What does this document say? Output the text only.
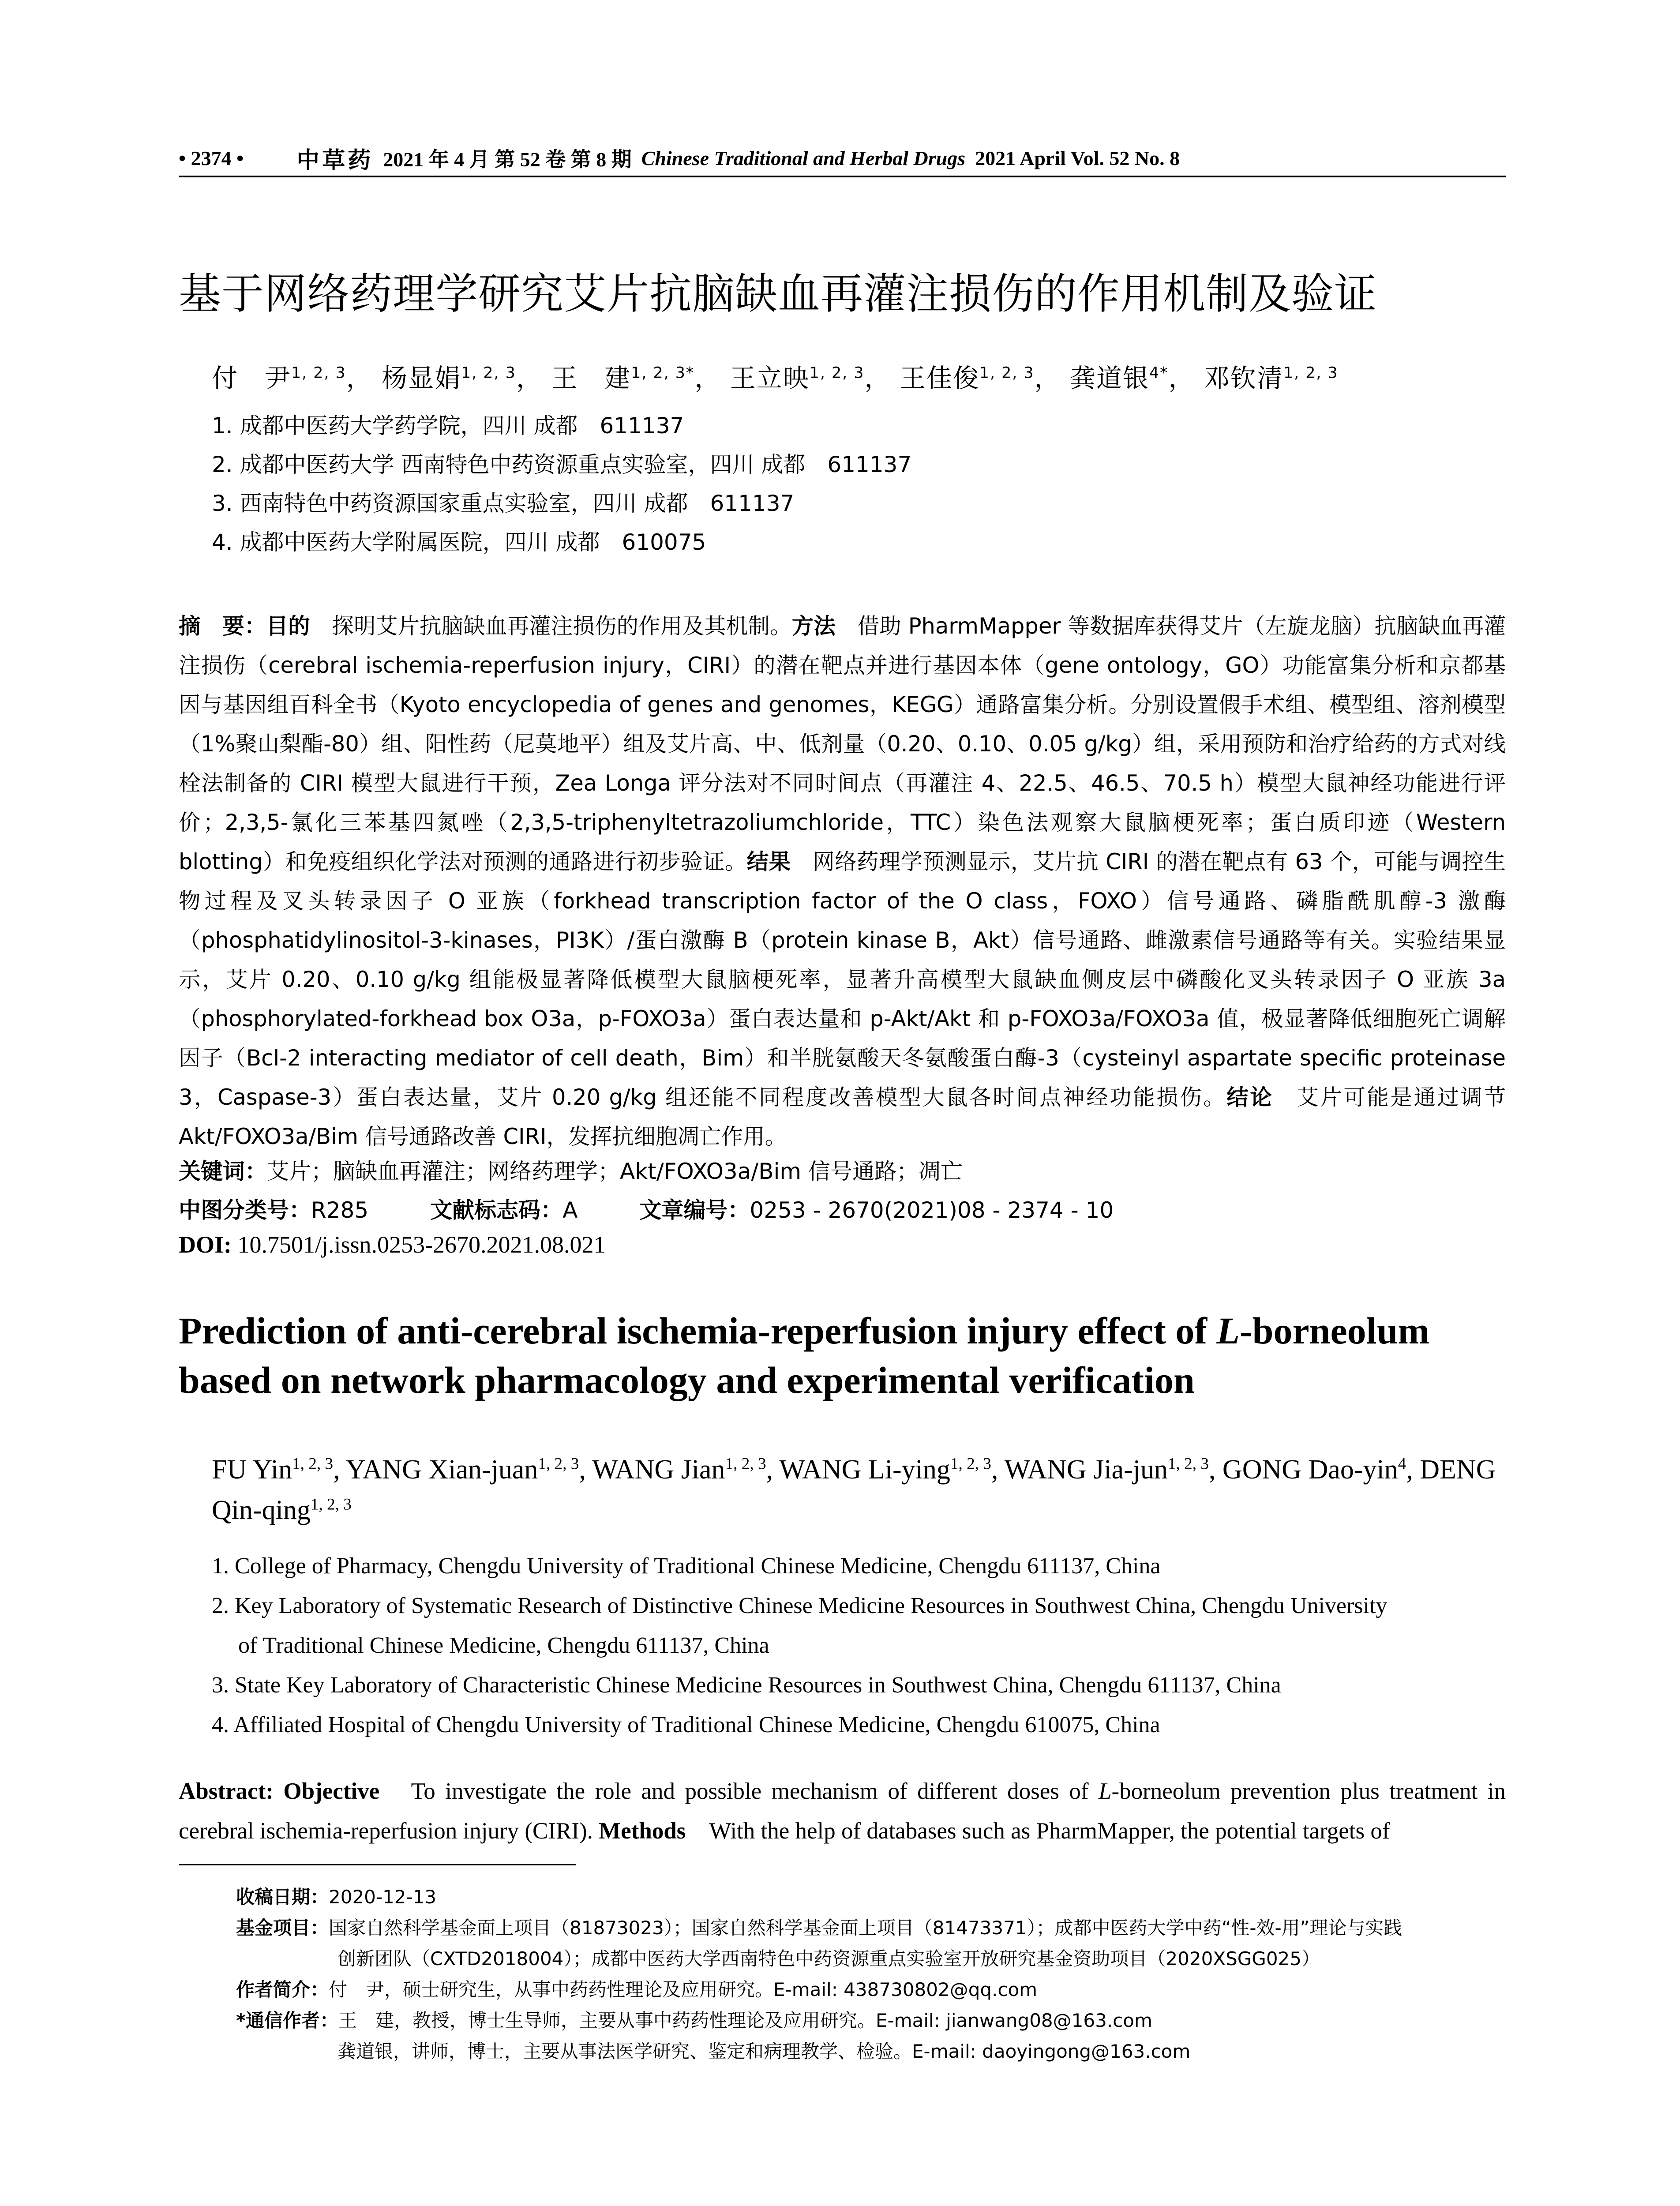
• 2374 • 中草药 2021 年 4 月 第 52 卷 第 8 期 Chinese Traditional and Herbal Drugs 2021 April Vol. 52 No. 8
基于网络药理学研究艾片抗脑缺血再灌注损伤的作用机制及验证
付　尹$^{1, 2, 3}$， 杨显娟$^{1, 2, 3}$， 王　建$^{1, 2, 3*}$， 王立映$^{1, 2, 3}$， 王佳俊$^{1, 2, 3}$， 龚道银$^{4*}$， 邓钦清$^{1, 2, 3}$
1. 成都中医药大学药学院，四川 成都　611137
2. 成都中医药大学 西南特色中药资源重点实验室，四川 成都　611137
3. 西南特色中药资源国家重点实验室，四川 成都　611137
4. 成都中医药大学附属医院，四川 成都　610075
摘　要：目的　探明艾片抗脑缺血再灌注损伤的作用及其机制。方法　借助 PharmMapper 等数据库获得艾片（左旋龙脑）抗脑缺血再灌注损伤（cerebral ischemia-reperfusion injury，CIRI）的潜在靶点并进行基因本体（gene ontology，GO）功能富集分析和京都基因与基因组百科全书（Kyoto encyclopedia of genes and genomes，KEGG）通路富集分析。分别设置假手术组、模型组、溶剂模型（1%聚山梨酯-80）组、阳性药（尼莫地平）组及艾片高、中、低剂量（0.20、0.10、0.05 g/kg）组，采用预防和治疗给药的方式对线栓法制备的 CIRI 模型大鼠进行干预，Zea Longa 评分法对不同时间点（再灌注 4、22.5、46.5、70.5 h）模型大鼠神经功能进行评价；2,3,5-氯化三苯基四氮唑（2,3,5-triphenyltetrazoliumchloride，TTC）染色法观察大鼠脑梗死率；蛋白质印迹（Western blotting）和免疫组织化学法对预测的通路进行初步验证。结果　网络药理学预测显示，艾片抗 CIRI 的潜在靶点有 63 个，可能与调控生物过程及叉头转录因子 O 亚族（forkhead transcription factor of the O class，FOXO）信号通路、磷脂酰肌醇-3 激酶（phosphatidylinositol-3-kinases，PI3K）/蛋白激酶 B（protein kinase B，Akt）信号通路、雌激素信号通路等有关。实验结果显示，艾片 0.20、0.10 g/kg 组能极显著降低模型大鼠脑梗死率，显著升高模型大鼠缺血侧皮层中磷酸化叉头转录因子 O 亚族 3a（phosphorylated-forkhead box O3a，p-FOXO3a）蛋白表达量和 p-Akt/Akt 和 p-FOXO3a/FOXO3a 值，极显著降低细胞死亡调解因子（Bcl-2 interacting mediator of cell death，Bim）和半胱氨酸天冬氨酸蛋白酶-3（cysteinyl aspartate specific proteinase 3，Caspase-3）蛋白表达量，艾片 0.20 g/kg 组还能不同程度改善模型大鼠各时间点神经功能损伤。结论　艾片可能是通过调节 Akt/FOXO3a/Bim 信号通路改善 CIRI，发挥抗细胞凋亡作用。
关键词：艾片；脑缺血再灌注；网络药理学；Akt/FOXO3a/Bim 信号通路；凋亡
中图分类号：R285	文献标志码：A	文章编号：0253 - 2670(2021)08 - 2374 - 10
DOI: 10.7501/j.issn.0253-2670.2021.08.021
Prediction of anti-cerebral ischemia-reperfusion injury effect of L-borneolum
based on network pharmacology and experimental verification
FU Yin$^{1, 2, 3}$, YANG Xian-juan$^{1, 2, 3}$, WANG Jian$^{1, 2, 3}$, WANG Li-ying$^{1, 2, 3}$, WANG Jia-jun$^{1, 2, 3}$, GONG Dao-yin$^4$, DENG Qin-qing$^{1, 2, 3}$
1. College of Pharmacy, Chengdu University of Traditional Chinese Medicine, Chengdu 611137, China
2. Key Laboratory of Systematic Research of Distinctive Chinese Medicine Resources in Southwest China, Chengdu University
of Traditional Chinese Medicine, Chengdu 611137, China
3. State Key Laboratory of Characteristic Chinese Medicine Resources in Southwest China, Chengdu 611137, China
4. Affiliated Hospital of Chengdu University of Traditional Chinese Medicine, Chengdu 610075, China
Abstract: Objective　To investigate the role and possible mechanism of different doses of L-borneolum prevention plus treatment in cerebral ischemia-reperfusion injury (CIRI). Methods　With the help of databases such as PharmMapper, the potential targets of
收稿日期：2020-12-13
基金项目：国家自然科学基金面上项目（81873023）；国家自然科学基金面上项目（81473371）；成都中医药大学中药“性-效-用”理论与实践
创新团队（CXTD2018004）；成都中医药大学西南特色中药资源重点实验室开放研究基金资助项目（2020XSGG025）
作者简介：付　尹，硕士研究生，从事中药药性理论及应用研究。E-mail: 438730802@qq.com
*通信作者：王　建，教授，博士生导师，主要从事中药药性理论及应用研究。E-mail: jianwang08@163.com
龚道银，讲师，博士，主要从事法医学研究、鉴定和病理教学、检验。E-mail: daoyingong@163.com
